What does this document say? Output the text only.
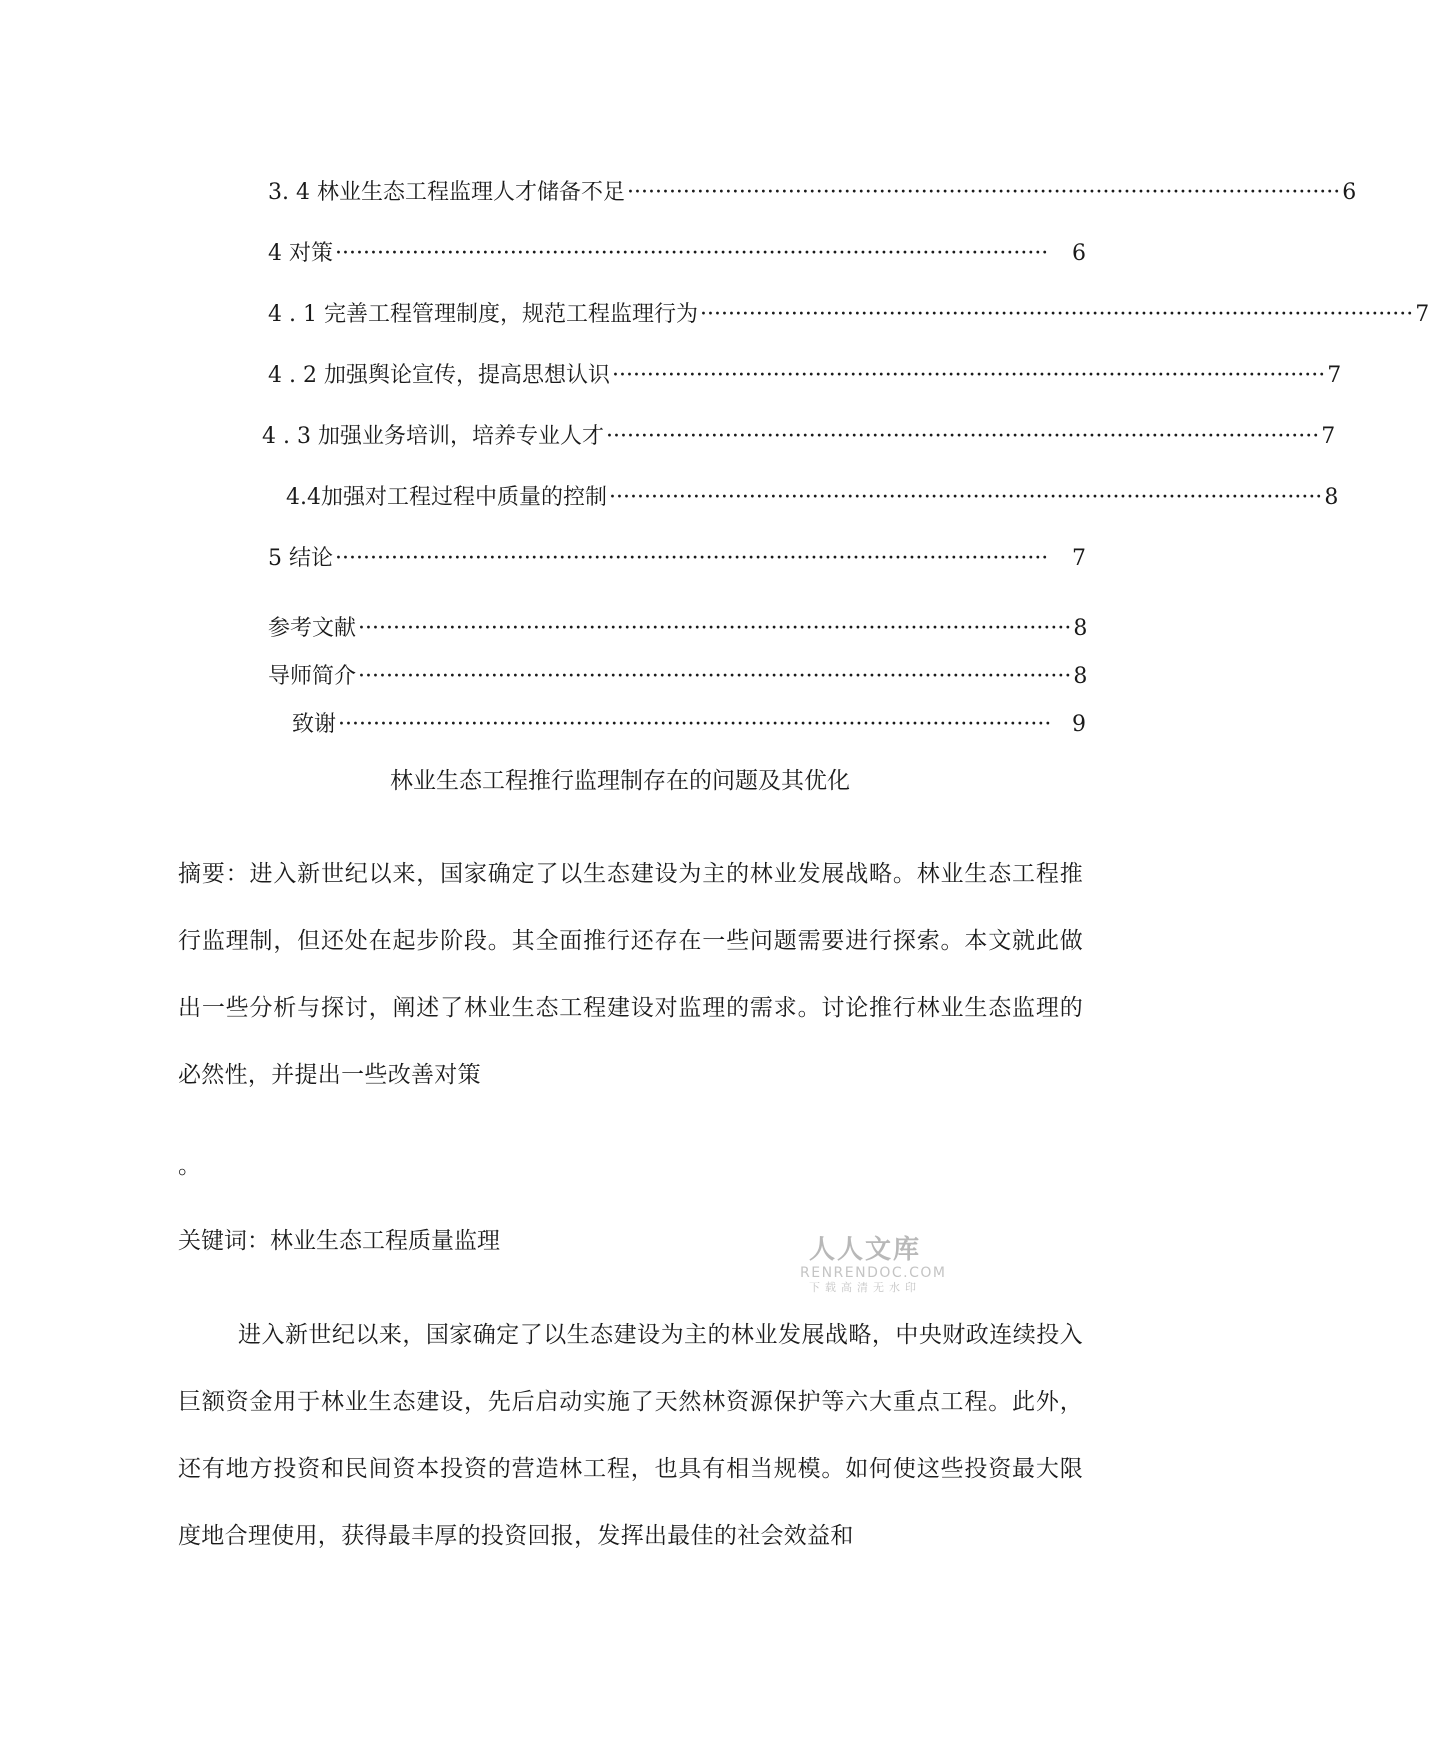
3. 4 林业生态工程监理人才储备不足 ······································································································ 6
4 对策 ······································································································	6
4 . 1 完善工程管理制度，规范工程监理行为 ······································································································ 7
4 . 2 加强舆论宣传，提高思想认识 ······································································································ 7
4 . 3 加强业务培训，培养专业人才 ······································································································ 7
4.4加强对工程过程中质量的控制 ······································································································ 8
5 结论 ······································································································	7
参考文献 ······································································································ 8
导师简介 ······································································································ 8
致谢 ······································································································ 9
林业生态工程推行监理制存在的问题及其优化
摘要：进入新世纪以来，国家确定了以生态建设为主的林业发展战略。林业生态工程推行监理制，但还处在起步阶段。其全面推行还存在一些问题需要进行探索。本文就此做出一些分析与探讨，阐述了林业生态工程建设对监理的需求。讨论推行林业生态监理的必然性，并提出一些改善对策
。
关键词：林业生态工程质量监理	人人文库
RENRENDOC.COM
下载高清无水印
进入新世纪以来，国家确定了以生态建设为主的林业发展战略，中央财政连续投入巨额资金用于林业生态建设，先后启动实施了天然林资源保护等六大重点工程。此外，还有地方投资和民间资本投资的营造林工程，也具有相当规模。如何使这些投资最大限度地合理使用，获得最丰厚的投资回报，发挥出最佳的社会效益和
